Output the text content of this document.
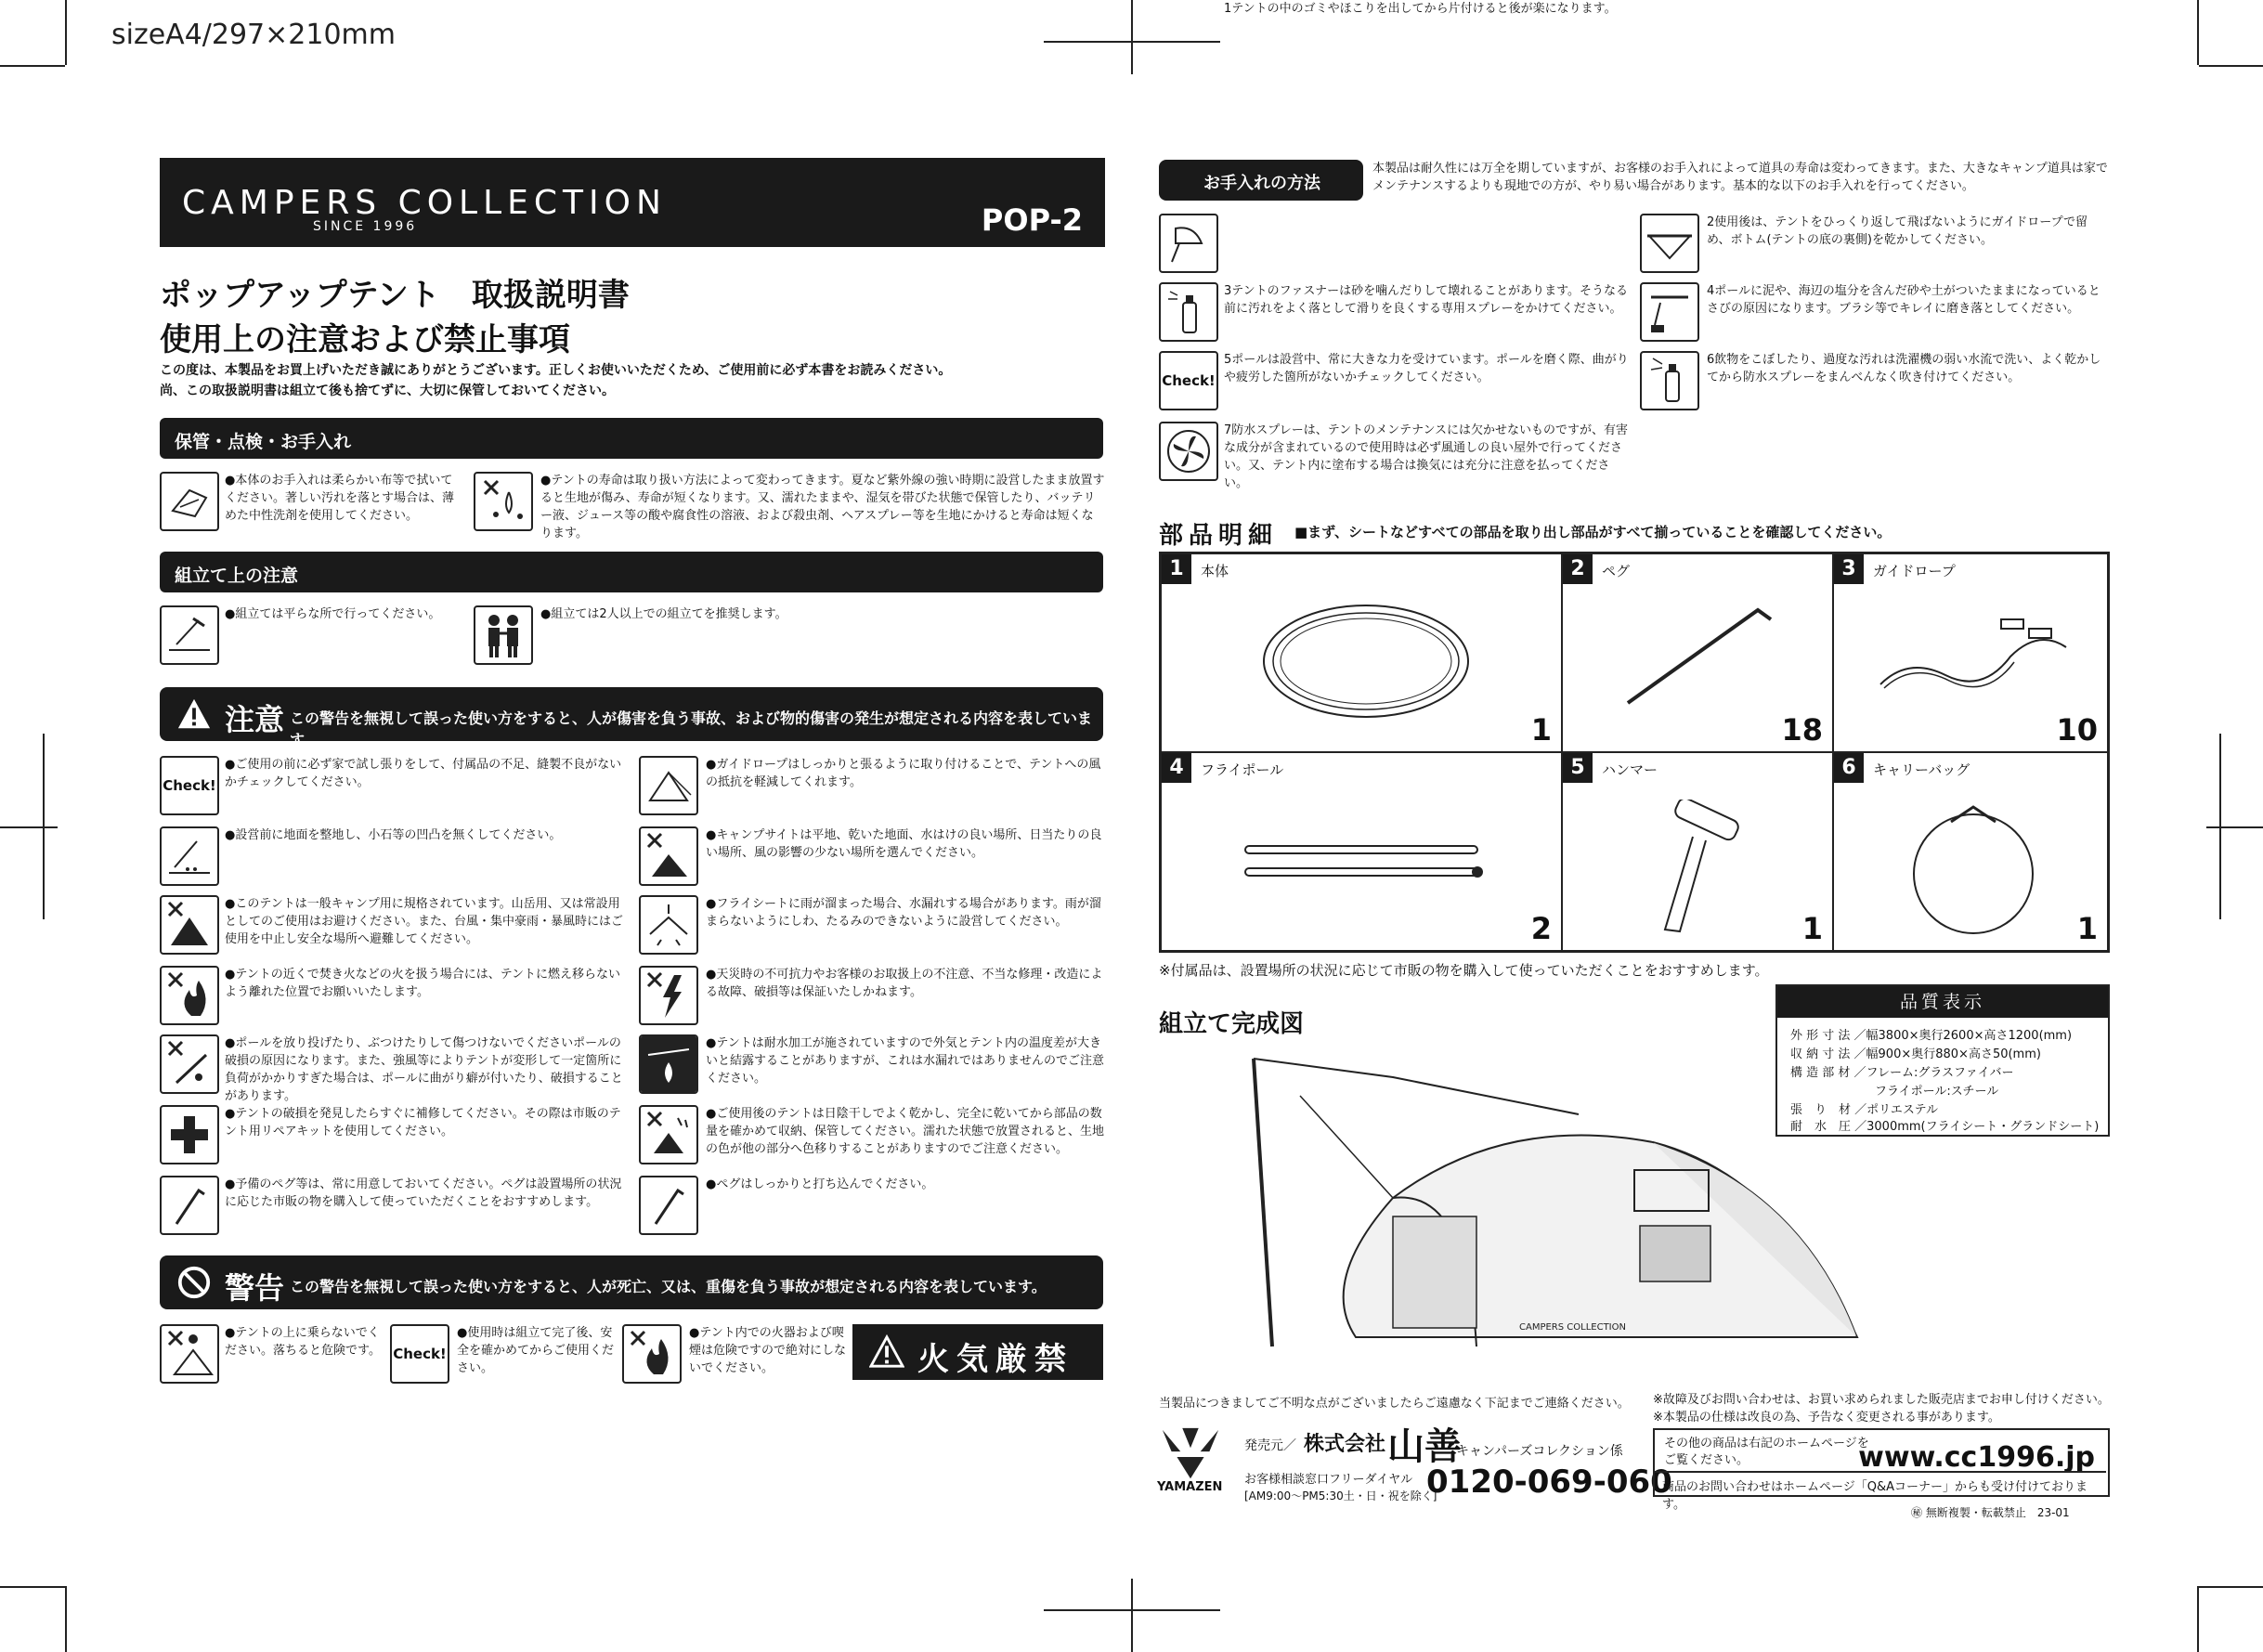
sizeA4/297×210mm
CAMPERS COLLECTION
SINCE 1996	POP-2
ポップアップテント　取扱説明書
使用上の注意および禁止事項
この度は、本製品をお買上げいただき誠にありがとうございます。正しくお使いいただくため、ご使用前に必ず本書をお読みください。
尚、この取扱説明書は組立て後も捨てずに、大切に保管しておいてください。
保管・点検・お手入れ
●本体のお手入れは柔らかい布等で拭いてください。著しい汚れを落とす場合は、薄めた中性洗剤を使用してください。
●テントの寿命は取り扱い方法によって変わってきます。夏など紫外線の強い時期に設営したまま放置すると生地が傷み、寿命が短くなります。又、濡れたままや、湿気を帯びた状態で保管したり、バッテリー液、ジュース等の酸や腐食性の溶液、および殺虫剤、ヘアスプレー等を生地にかけると寿命は短くなります。
組立て上の注意
●組立ては平らな所で行ってください。	●組立ては2人以上での組立てを推奨します。
注意 この警告を無視して誤った使い方をすると、人が傷害を負う事故、および物的傷害の発生が想定される内容を表しています。
Check!
●ご使用の前に必ず家で試し張りをして、付属品の不足、縫製不良がないかチェックしてください。
●設営前に地面を整地し、小石等の凹凸を無くしてください。
●このテントは一般キャンプ用に規格されています。山岳用、又は常設用としてのご使用はお避けください。また、台風・集中豪雨・暴風時にはご使用を中止し安全な場所へ避難してください。
●テントの近くで焚き火などの火を扱う場合には、テントに燃え移らないよう離れた位置でお願いいたします。
●ポールを放り投げたり、ぶつけたりして傷つけないでくださいポールの破損の原因になります。また、強風等によりテントが変形して一定箇所に負荷がかかりすぎた場合は、ポールに曲がり癖が付いたり、破損することがあります。
●テントの破損を発見したらすぐに補修してください。その際は市販のテント用リペアキットを使用してください。
●予備のペグ等は、常に用意しておいてください。ペグは設置場所の状況に応じた市販の物を購入して使っていただくことをおすすめします。
●ガイドロープはしっかりと張るように取り付けることで、テントへの風の抵抗を軽減してくれます。
●キャンプサイトは平地、乾いた地面、水はけの良い場所、日当たりの良い場所、風の影響の少ない場所を選んでください。
●フライシートに雨が溜まった場合、水漏れする場合があります。雨が溜まらないようにしわ、たるみのできないように設営してください。
●天災時の不可抗力やお客様のお取扱上の不注意、不当な修理・改造による故障、破損等は保証いたしかねます。
●テントは耐水加工が施されていますので外気とテント内の温度差が大きいと結露することがありますが、これは水漏れではありませんのでご注意ください。
●ご使用後のテントは日陰干しでよく乾かし、完全に乾いてから部品の数量を確かめて収納、保管してください。濡れた状態で放置されると、生地の色が他の部分へ色移りすることがありますのでご注意ください。
●ペグはしっかりと打ち込んでください。
警告 この警告を無視して誤った使い方をすると、人が死亡、又は、重傷を負う事故が想定される内容を表しています。
●テントの上に乗らないでください。落ちると危険です。 Check!
●使用時は組立て完了後、安全を確かめてからご使用ください。
●テント内での火器および喫煙は危険ですので絶対にしないでください。	火気厳禁
お手入れの方法
本製品は耐久性には万全を期していますが、お客様のお手入れによって道具の寿命は変わってきます。また、大きなキャンプ道具は家でメンテナンスするよりも現地での方が、やり易い場合があります。基本的な以下のお手入れを行ってください。
1テントの中のゴミやほこりを出してから片付けると後が楽になります。
2使用後は、テントをひっくり返して飛ばないようにガイドロープで留め、ボトム(テントの底の裏側)を乾かしてください。
3テントのファスナーは砂を噛んだりして壊れることがあります。そうなる前に汚れをよく落として滑りを良くする専用スプレーをかけてください。
4ポールに泥や、海辺の塩分を含んだ砂や土がついたままになっているとさびの原因になります。ブラシ等でキレイに磨き落としてください。
Check!
5ポールは設営中、常に大きな力を受けています。ポールを磨く際、曲がりや疲労した箇所がないかチェックしてください。
6飲物をこぼしたり、過度な汚れは洗濯機の弱い水流で洗い、よく乾かしてから防水スプレーをまんべんなく吹き付けてください。
7防水スプレーは、テントのメンテナンスには欠かせないものですが、有害な成分が含まれているので使用時は必ず風通しの良い屋外で行ってください。又、テント内に塗布する場合は換気には充分に注意を払ってください。
部品明細 ■まず、シートなどすべての部品を取り出し部品がすべて揃っていることを確認してください。
1	本体
1
2	ペグ
18
3	ガイドロープ
10
4	フライポール
2
5	ハンマー
1
6	キャリーバッグ
1
※付属品は、設置場所の状況に応じて市販の物を購入して使っていただくことをおすすめします。
組立て完成図
品質表示
外 形 寸 法 ／幅3800×奥行2600×高さ1200(mm)
収 納 寸 法 ／幅900×奥行880×高さ50(mm)
構 造 部 材 ／フレーム:グラスファイバー
　　　　　　　フライポール:スチール
張　り　材 ／ポリエステル
耐　水　圧 ／3000mm(フライシート・グランドシート)
CAMPERS COLLECTION
当製品につきましてご不明な点がございましたらご遠慮なく下記までご連絡ください。 ※故障及びお問い合わせは、お買い求められました販売店までお申し付けください。
※本製品の仕様は改良の為、予告なく変更される事があります。
YAMAZEN
発売元／ 株式会社 山善
キャンパーズコレクション係
お客様相談窓口フリーダイヤル
[AM9:00〜PM5:30土・日・祝を除く]
0120-069-060
その他の商品は右記のホームページを
ご覧ください。	www.cc1996.jp
商品のお問い合わせはホームページ「Q&Aコーナー」からも受け付けております。
㊙ 無断複製・転載禁止　23-01
